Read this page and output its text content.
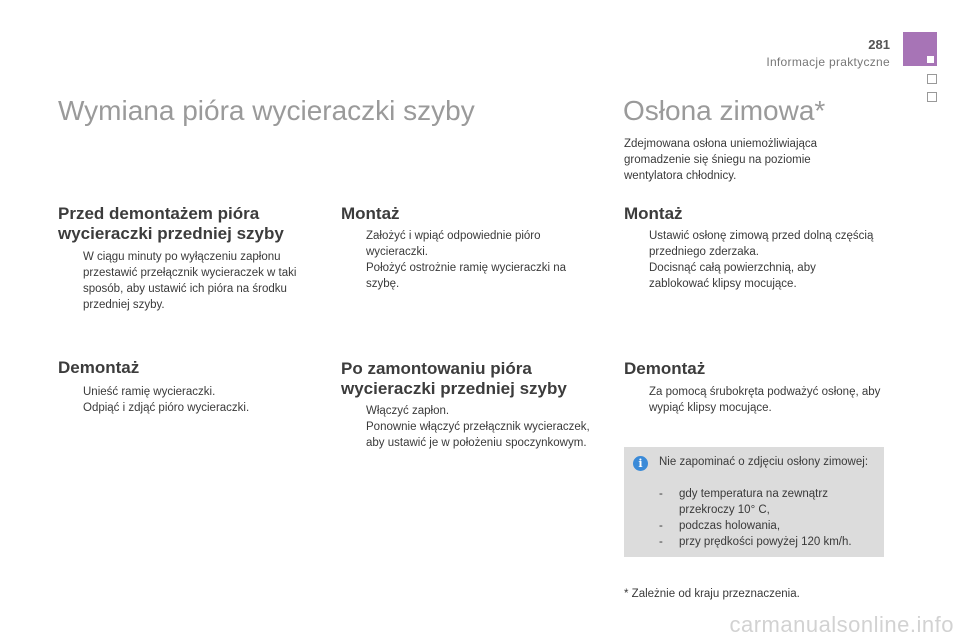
281
Informacje praktyczne
Wymiana pióra wycieraczki szyby	Osłona zimowa*

Zdejmowana osłona uniemożliwiająca gromadzenie się śniegu na poziomie wentylatora chłodnicy.

Przed demontażem pióra
wycieraczki przedniej szyby
W ciągu minuty po wyłączeniu zapłonu przestawić przełącznik wycieraczek w taki sposób, aby ustawić ich pióra na środku przedniej szyby.
Demontaż
Unieść ramię wycieraczki.
Odpiąć i zdjąć pióro wycieraczki.
Montaż
Założyć i wpiąć odpowiednie pióro wycieraczki.
Położyć ostrożnie ramię wycieraczki na szybę.
Po zamontowaniu pióra
wycieraczki przedniej szyby
Włączyć zapłon.
Ponownie włączyć przełącznik wycieraczek, aby ustawić je w położeniu spoczynkowym.
Montaż
Ustawić osłonę zimową przed dolną częścią przedniego zderzaka.
Docisnąć całą powierzchnią, aby zablokować klipsy mocujące.
Demontaż
Za pomocą śrubokręta podważyć osłonę, aby wypiąć klipsy mocujące.
i

Nie zapominać o zdjęciu osłony zimowej:

- gdy temperatura na zewnątrz przekroczy 10° C,
- podczas holowania,
- przy prędkości powyżej 120 km/h.

* Zależnie od kraju przeznaczenia.

carmanualsonline.info
